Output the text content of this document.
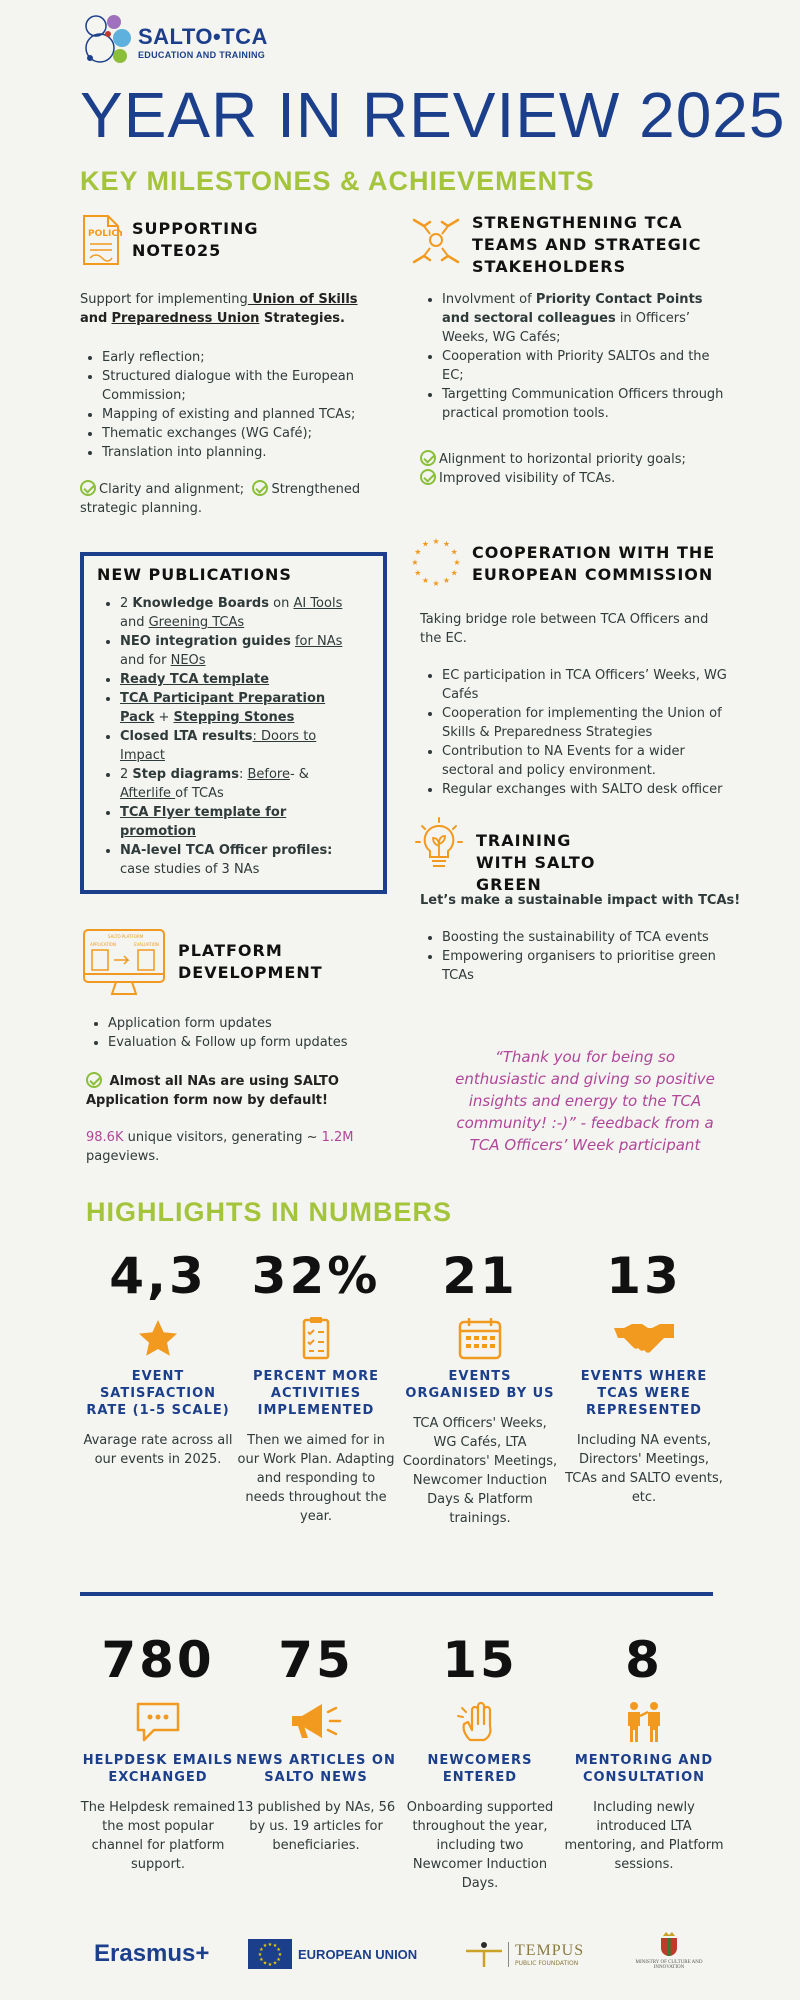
SALTO•TCA
EDUCATION AND TRAINING
YEAR IN REVIEW 2025
KEY MILESTONES & ACHIEVEMENTS
POLICY SUPPORTING NOTE025
Support for implementing Union of Skills and Preparedness Union Strategies.
• Early reflection;
• Structured dialogue with the European Commission;
• Mapping of existing and planned TCAs;
• Thematic exchanges (WG Café);
• Translation into planning.
Clarity and alignment; Strengthened strategic planning.
STRENGTHENING TCA TEAMS AND STRATEGIC STAKEHOLDERS
• Involvment of Priority Contact Points and sectoral colleagues in Officers’ Weeks, WG Cafés;
• Cooperation with Priority SALTOs and the EC;
• Targetting Communication Officers through practical promotion tools.
Alignment to horizontal priority goals;
Improved visibility of TCAs.
NEW PUBLICATIONS
• 2 Knowledge Boards on AI Tools and Greening TCAs
• NEO integration guides for NAs and for NEOs
• Ready TCA template
• TCA Participant Preparation Pack + Stepping Stones
• Closed LTA results: Doors to Impact
• 2 Step diagrams: Before- & Afterlife of TCAs
• TCA Flyer template for promotion
• NA-level TCA Officer profiles: case studies of 3 NAs
★
★
★
★
★
★
★
★
★ ★ ★
★ COOPERATION WITH THE EUROPEAN COMMISSION
Taking bridge role between TCA Officers and the EC.
• EC participation in TCA Officers’ Weeks, WG Cafés
• Cooperation for implementing the Union of Skills & Preparedness Strategies
• Contribution to NA Events for a wider sectoral and policy environment.
• Regular exchanges with SALTO desk officer
TRAINING WITH SALTO GREEN
Let’s make a sustainable impact with TCAs!
• Boosting the sustainability of TCA events
• Empowering organisers to prioritise green TCAs
SALTO PLATFORM
APPLICATION	EVALUATION PLATFORM DEVELOPMENT
• Application form updates
• Evaluation & Follow up form updates
Almost all NAs are using SALTO Application form now by default!
98.6K unique visitors, generating ~ 1.2M pageviews.
“Thank you for being so enthusiastic and giving so positive insights and energy to the TCA community! :-)” - feedback from a TCA Officers’ Week participant
HIGHLIGHTS IN NUMBERS
4,3
EVENT SATISFACTION RATE (1-5 SCALE)
Avarage rate across all our events in 2025.
32%
PERCENT MORE ACTIVITIES IMPLEMENTED
Then we aimed for in our Work Plan. Adapting and responding to needs throughout the year.
21
EVENTS ORGANISED BY US
TCA Officers' Weeks, WG Cafés, LTA Coordinators' Meetings, Newcomer Induction Days & Platform trainings.
13
EVENTS WHERE TCAS WERE REPRESENTED
Including NA events, Directors' Meetings, TCAs and SALTO events, etc.
780
HELPDESK EMAILS EXCHANGED
The Helpdesk remained the most popular channel for platform support.
75
NEWS ARTICLES ON SALTO NEWS
13 published by NAs, 56 by us. 19 articles for beneficiaries.
15
NEWCOMERS ENTERED
Onboarding supported throughout the year, including two Newcomer Induction Days.
8
MENTORING AND CONSULTATION
Including newly introduced LTA mentoring, and Platform sessions.
Erasmus+	★
★
★
★
★
★
★
★
★ ★ ★
★ EUROPEAN UNION	TEMPUS
PUBLIC FOUNDATION	MINISTRY OF CULTURE AND INNOVATION
